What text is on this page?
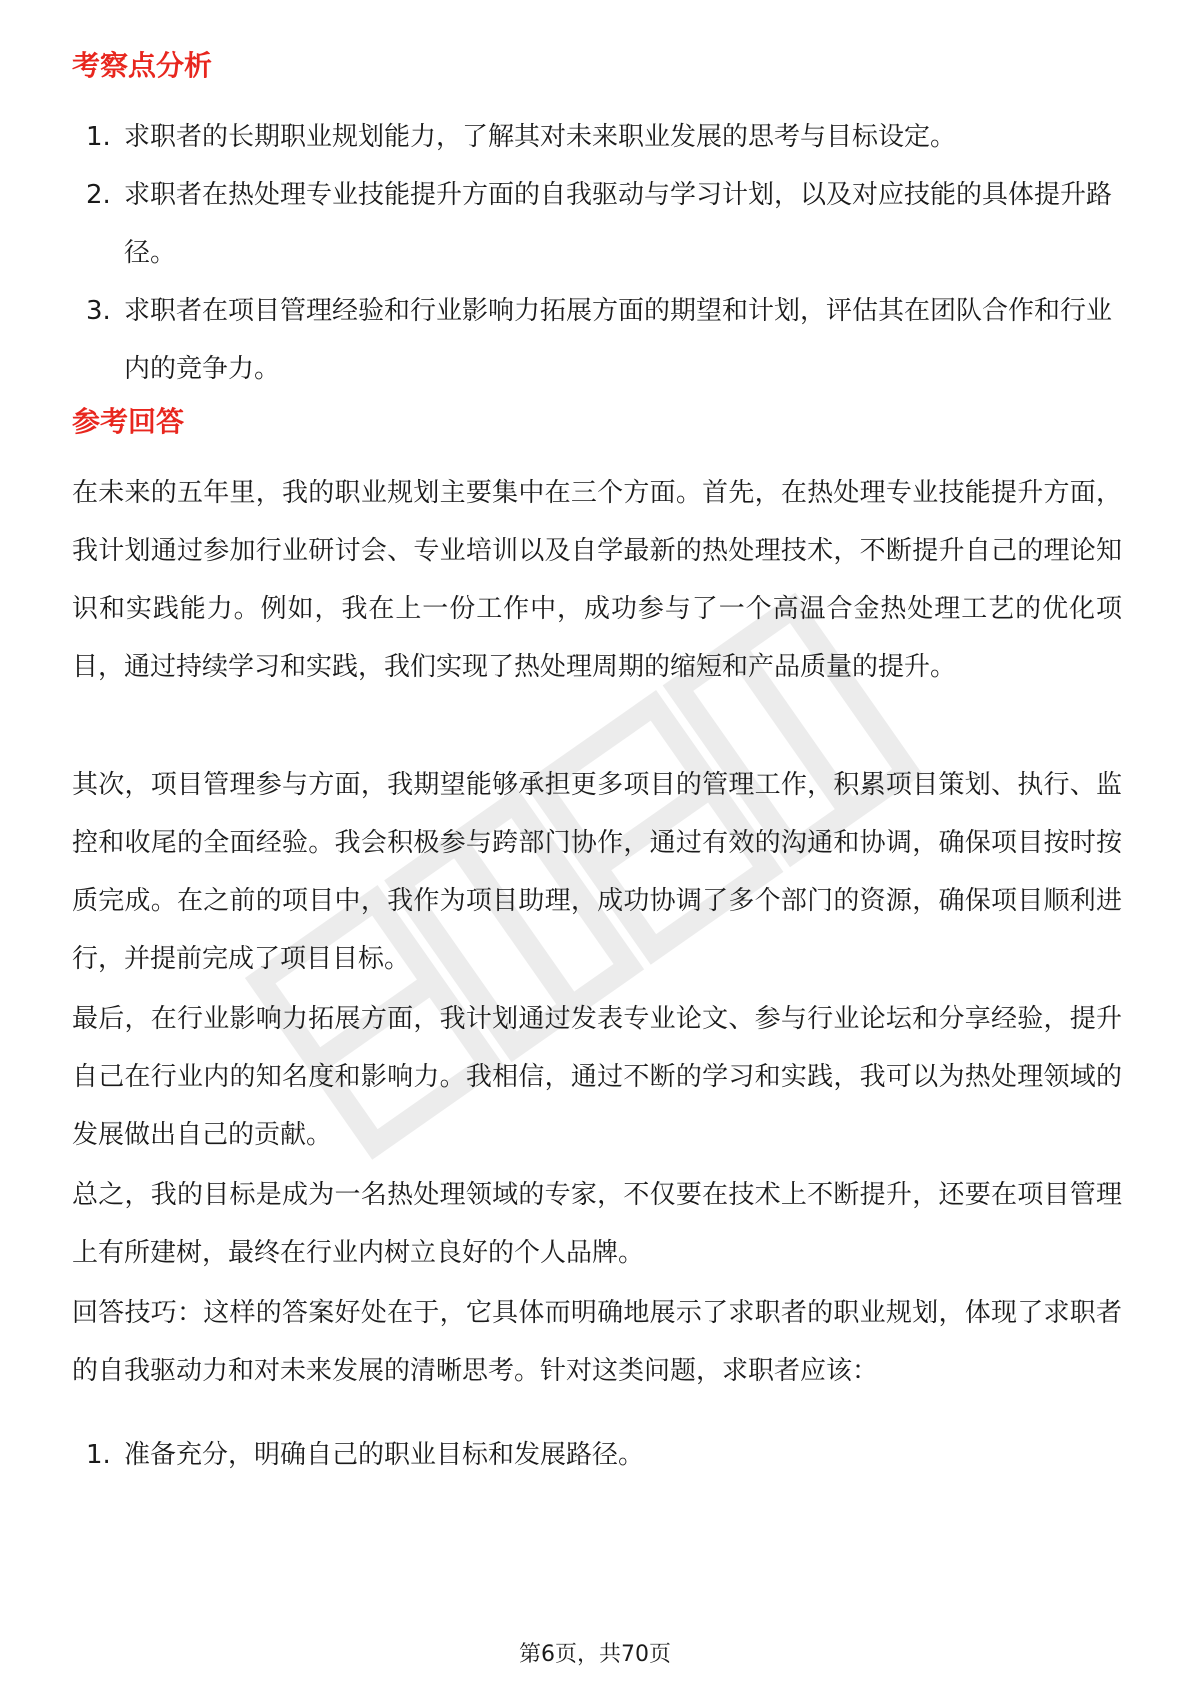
考察点分析
1. 求职者的长期职业规划能力，了解其对未来职业发展的思考与目标设定。
2. 求职者在热处理专业技能提升方面的自我驱动与学习计划，以及对应技能的具体提升路径。
3. 求职者在项目管理经验和行业影响力拓展方面的期望和计划，评估其在团队合作和行业内的竞争力。
参考回答

在未来的五年里，我的职业规划主要集中在三个方面。首先，在热处理专业技能提升方面，我计划通过参加行业研讨会、专业培训以及自学最新的热处理技术，不断提升自己的理论知识和实践能力。例如，我在上一份工作中，成功参与了一个高温合金热处理工艺的优化项目，通过持续学习和实践，我们实现了热处理周期的缩短和产品质量的提升。

其次，项目管理参与方面，我期望能够承担更多项目的管理工作，积累项目策划、执行、监控和收尾的全面经验。我会积极参与跨部门协作，通过有效的沟通和协调，确保项目按时按质完成。在之前的项目中，我作为项目助理，成功协调了多个部门的资源，确保项目顺利进行，并提前完成了项目目标。

最后，在行业影响力拓展方面，我计划通过发表专业论文、参与行业论坛和分享经验，提升自己在行业内的知名度和影响力。我相信，通过不断的学习和实践，我可以为热处理领域的发展做出自己的贡献。

总之，我的目标是成为一名热处理领域的专家，不仅要在技术上不断提升，还要在项目管理上有所建树，最终在行业内树立良好的个人品牌。

回答技巧：这样的答案好处在于，它具体而明确地展示了求职者的职业规划，体现了求职者的自我驱动力和对未来发展的清晰思考。针对这类问题，求职者应该：

1. 准备充分，明确自己的职业目标和发展路径。
第6页，共70页
